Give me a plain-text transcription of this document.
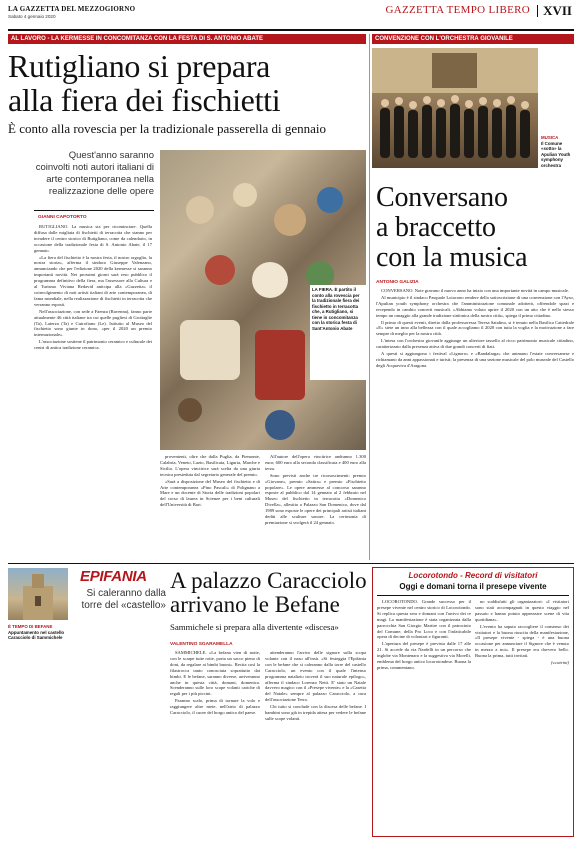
LA GAZZETTA DEL MEZZOGIORNO
Sabato 4 gennaio 2020
GAZZETTA TEMPO LIBERO XVII
AL LAVORO - LA KERMESSE IN CONCOMITANZA CON LA FESTA DI S. ANTONIO ABATE
Rutigliano si prepara
alla fiera dei fischietti
È conto alla rovescia per la tradizionale passerella di gennaio
Quest'anno saranno coinvolti noti autori italiani di arte contemporanea nella realizzazione delle opere
GIANNI CAPOTORTO
LA FIERA. È partito il conto alla rovescia per la tradizionale fiera dei fischietto in terracotta che, a Rutigliano, si tiene in concomitanza con la storica festa di Sant'Antonio Abate

RUTIGLIANO. La musica sta per ricominciare. Quella diffusa dalle migliaia di fischietti di terracotta che stanno per invadere il centro storico di Rutigliano, come da calendario, in occasione della tradizionale festa di S. Antonio Abate, il 17 gennaio.

«La fiera del fischietto è la nostra festa, il nostro orgoglio, la nostra storia», afferma il sindaco Giuseppe Valenzano, annunciando che per l'edizione 2020 della kermesse si saranno importanti novità. Nei prossimi giorni sarà reso pubblico il programma definitivo della fiera, ma l'assessore alla Cultura e al Turismo Viviana Redavid anticipa alla «Gazzetta» il coinvolgimento di noti artisti italiani di arte contemporanea, di fama mondiale, nella realizzazione di fischietti in terracotta che verranno esposti.

Nell'associazione, con sede a Faenza (Ravenna), fanno parte attualmente 46 città italiane tra cui quelle pugliesi di Grottaglie (Ta), Laterza (Ta) e Cutrofiano (Le). Istituito al Museo del fischietto sono giunte in dono, «per il 2020 un premio internazionale».

L'associazione sostiene il patrimonio ceramico e culturale dei centri di antica tradizione ceramica.

provenienti, oltre che dalla Puglia, da Piemonte, Calabria, Veneto, Lazio, Basilicata, Liguria, Marche e Sicilia. L'opera vincitrice sarà scelta da una giuria tecnica presieduta dal segretario generale del premio.

«Sarà a disposizione del Museo del fischietto e di Arte contemporanea «Pino Pascali» di Polignano a Mare e un docente di Storia delle tradizioni popolari del corso di laurea in Scienze per i beni culturali dell'Università di Bari.

All'autore dell'opera vincitrice andranno 1.300 euro; 600 euro alla seconda classificata e 400 euro alla terza.

Sono previsti anche tre riconoscimenti: premio «Giovane», premio «Satira» e premio «Fischietto popolare». Le opere ammesse al concorso saranno esposte al pubblico dal 14 gennaio al 2 febbraio nel Museo del fischietto in terracotta «Domenico Divella», allestito a Palazzo San Domenico, dove dal 1989 sono esposte le opere dei principali artisti italiani dediti alle sculture sonore. La cerimonia di premiazione si svolgerà il 24 gennaio.

CONVENZIONE CON L'ORCHESTRA GIOVANILE
MUSICA
Il Comune «sotto» la Apulian Youth symphony orchestra
Conversano
a braccetto
con la musica
ANTONIO GALIZIA

CONVERSANO. Note gravano il nuovo anno ha inizio con una importante novità in campo musicale.

Al municipio è il sindaco Pasquale Loiacono rendere della sottoscrizione di una convenzione con l'Ayso, l'Apulian youth symphony orchestra che l'amministrazione comunale adotterà, offrendole spazi e recependo in cambio concerti musicali. «Abbiamo voluto aprire il 2020 con un atto che è nello stesso tempo un omaggio alla grande tradizione sinfonica della nostra città», spiega il primo cittadino.

Il primo di questi eventi, diretto dalla professoressa Teresa Satalino, si è tenuto nella Basilica Cattedrale «E» siete un inno alla bellezza con il quale accogliamo il 2020 con tutta la voglia e la motivazione a fare sempre di meglio per la nostra città.

L'intesa con l'orchestra giovanile aggiunge un ulteriore tassello al ricco patrimonio musicale cittadino, caratterizzato dalla presenza attiva di due grandi concerti di fiati.

A questi si aggiungono i festival «Lignoro» e «Bandalarga» che animano l'estate conversanese e richiamano da anni appassionati e turisti; la presenza di una sezione musicale del polo museale del Castello degli Acquaviva d'Aragona.

EPIFANIA
Si caleranno dalla torre del «castello»
È TEMPO DI BEFANE
Appuntamento nel castello Caracciolo di Sammichele
A palazzo Caracciolo
arrivano le Befane
Sammichele si prepara alla divertente «discesa»
VALENTINO SGARAMELLA

SAMMICHELE. «La befana vien di notte, con le scarpe tutte rotte, porta un sacco pieno di doni, da regalare ai bimbi buoni». Recita così la filastrocca tanto conosciuta soprattutto dai bimbi. E le befane, saranno diverse, arriveranno anche in questa città, domani, domenica. Scenderanno sulle loro scope volanti cariche di regali per i più piccini.

Paranno scalo, prima di tornare la volo e raggiungere altre mete, nell'atrio di palazzo Caracciolo, il cuore del borgo antico del paese.

attenderanno l'arrivo delle signore sulla scopa volante con il naso all'insù. «Si festeggia l'Epifania con le befane che si caleranno dalla torre del castello Caracciolo, un evento con il quale l'intenso programma natalizio troverà il suo naturale epilogo», afferma il sindaco Lorenzo Netti. E' stato un Natale davvero magico con il «Presepe vivente» e la «Casetta del Natale» sempre al palazzo Caracciolo, a cura dell'associazione Terra.

Chi tutto si conclude con la discesa delle befane. I bambini sono già in trepida attesa per vedere le befane sulle scope volanti.

Locorotondo - Record di visitatori
Oggi e domani torna il presepe vivente

LOCOROTONDO. Grande successo per il presepe vivente nel centro storico di Locorotondo. Si replica questa sera e domani con l'arrivo dei re magi. La manifestazione è stata organizzata dalla parrocchia San Giorgio Martire con il patrocinio del Comune, della Pro Loco e con l'infaticabile opera di decine di volontari e figuranti.

L'apertura del presepe è prevista dalle 17 alle 21. Si accede da via Nardelli in un percorso che inglobe via Montenaro e la suggestiva via Morelli, emblema del borgo antico locorotondese. Buona la prima, commentano.

no soddisfatti gli organizzatori: «I visitatori sono stati accompagnati in questo viaggio nel passato e hanno potuto apprezzare scene di vita quotidiana».

L'evento ha saputo raccogliere il consenso dei visitatori e la buona riuscita della manifestazione, «Il presepe vivente - spiega - è una buona occasione per annunciare il Signore che è venuto in mezzo a noi». Il presepe era davvero bello. Buona la prima, tutti invitati.

(v.catrini)
